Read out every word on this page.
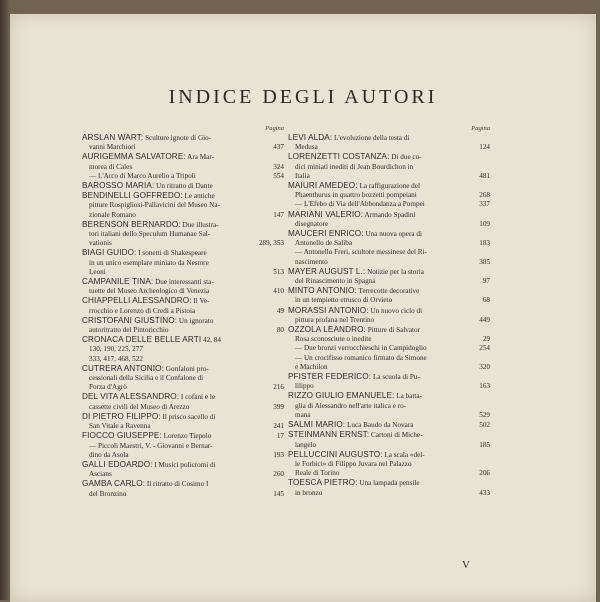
INDICE DEGLI AUTORI
Pagina
ARSLAN WART: Sculture ignote di Gio-
vanni Marchiori	437
AURIGEMMA SALVATORE: Ara Mar-
morea di Cales	324
— L'Arco di Marco Aurelio a Tripoli	554
BAROSSO MARIA: Un ritratto di Dante
BENDINELLI GOFFREDO: Le antiche
pitture Rospigliosi-Pallavicini del Museo Na-
zionale Romano	147
BERENSON BERNARDO: Due illustra-
tori italiani dello Speculum Humanae Sal-
vationis	289, 353
BIAGI GUIDO: I sonetti di Shakespeare
in un unico esemplare miniato da Nestore
Leoni	513
CAMPANILE TINA: Due interessanti sta-
tuette del Museo Archeologico di Venezia	410
CHIAPPELLI ALESSANDRO: Il Ve-
rrocchio e Lorenzo di Credi a Pistoia	49
CRISTOFANI GIUSTINO: Un ignorato
autoritratto del Pintoricchio	80
CRONACA DELLE BELLE ARTI 42, 84
130, 190, 225, 277
333, 417, 468, 522
CUTRERA ANTONIO: Gonfaloni pro-
cessionali della Sicilia e il Confalone di
Forza d'Agrò	216
DEL VITA ALESSANDRO: I cofani e le
cassette civili del Museo di Arezzo	399
DI PIETRO FILIPPO: Il prisco sacello di
San Vitale a Ravenna	241
FIOCCO GIUSEPPE: Lorenzo Tiepolo	17
— Piccoli Maestri, V. - Giovanni e Bernar-
dino da Asola	193
GALLI EDOARDO: I Musici policromi di
Ascians	260
GAMBA CARLO: Il ritratto di Cosimo I
del Bronzino	145
Pagina
LEVI ALDA: L'evoluzione della testa di
Medusa	124
LORENZETTI COSTANZA: Di due co-
dici miniati inediti di Jean Bourdichon in
Italia	481
MAIURI AMEDEO: La raffigurazione del
Phaenthurus in quattro bozzetti pompeiani	268
— L'Efebo di Via dell'Abbondanza a Pompei	337
MARIANI VALERIO: Armando Spadini
disegnatore	109
MAUCERI ENRICO: Una nuova opera di
Antonello de Saliba	183
— Antonello Freri, scultore messinese del Ri-
nascimento	385
MAYER AUGUST L.: Notizie per la storia
del Rinascimento in Spagna	97
MINTO ANTONIO: Terrecotte decorative
in un tempietto etrusco di Orvieto	68
MORASSI ANTONIO: Un nuovo ciclo di
pittura profana nel Trentino	449
OZZOLA LEANDRO: Pitture di Salvator
Rosa sconosciute o inedite	29
— Due bronzi verrocchieschi in Campidoglio	254
— Un crocifisso romanico firmato da Simone
e Machilon	320
PFISTER FEDERICO: La scuola di Pu-
lilippo	163
RIZZO GIULIO EMANUELE: La batta-
glia di Alessandro nell'arte italica e ro-
mana	529
SALMI MARIO: Luca Baudo da Novara	502
STEINMANN ERNST: Cartoni di Miche-
langelo	185
PELLUCCINI AUGUSTO: La scala «del-
le Forbici» di Filippo Juvara nel Palazzo
Reale di Torino	206
TOESCA PIETRO: Una lampada pensile
in bronzo	433
V
